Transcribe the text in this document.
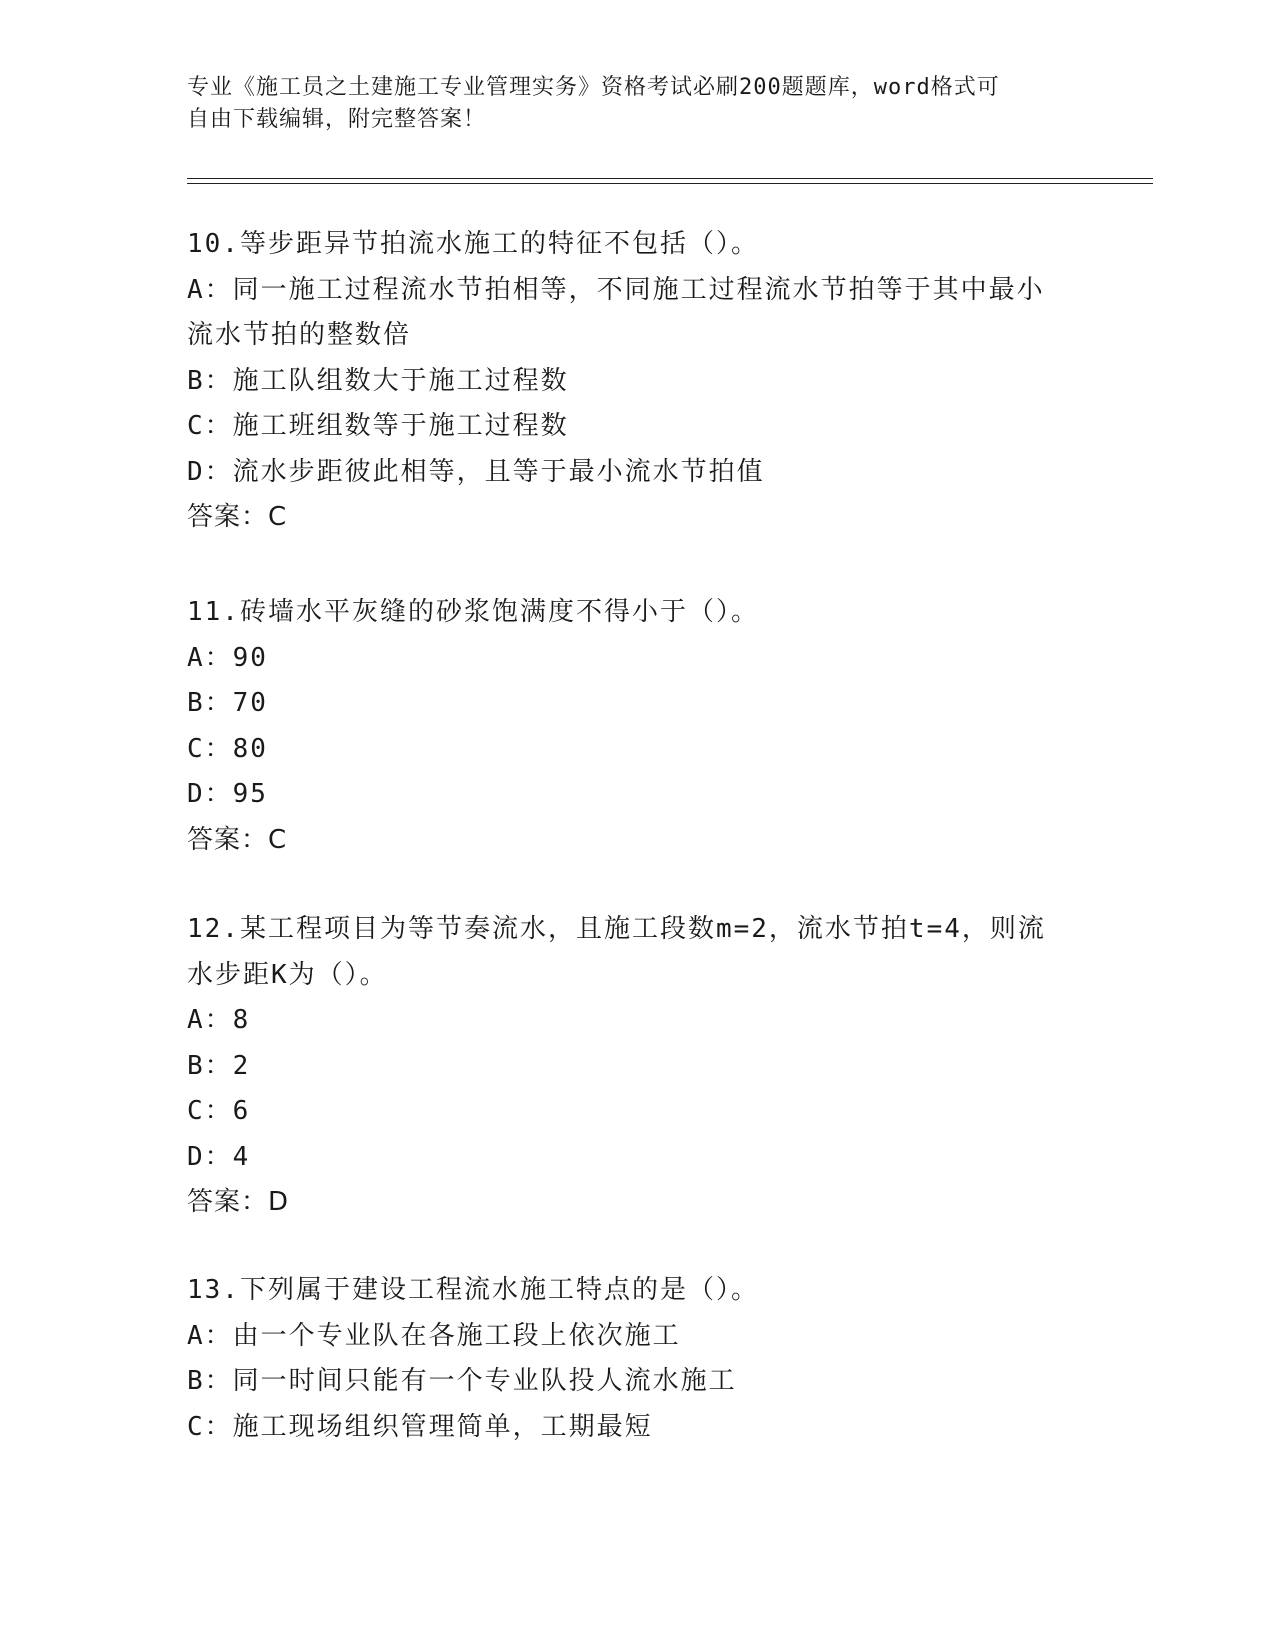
专业《施工员之土建施工专业管理实务》资格考试必刷200题题库，word格式可
自由下载编辑，附完整答案！
10.等步距异节拍流水施工的特征不包括（）。
A：同一施工过程流水节拍相等，不同施工过程流水节拍等于其中最小
流水节拍的整数倍
B：施工队组数大于施工过程数
C：施工班组数等于施工过程数
D：流水步距彼此相等，且等于最小流水节拍值
答案：C
11.砖墙水平灰缝的砂浆饱满度不得小于（）。
A：90
B：70
C：80
D：95
答案：C
12.某工程项目为等节奏流水，且施工段数m=2，流水节拍t=4，则流
水步距K为（）。
A：8
B：2
C：6
D：4
答案：D
13.下列属于建设工程流水施工特点的是（）。
A：由一个专业队在各施工段上依次施工
B：同一时间只能有一个专业队投人流水施工
C：施工现场组织管理简单，工期最短
